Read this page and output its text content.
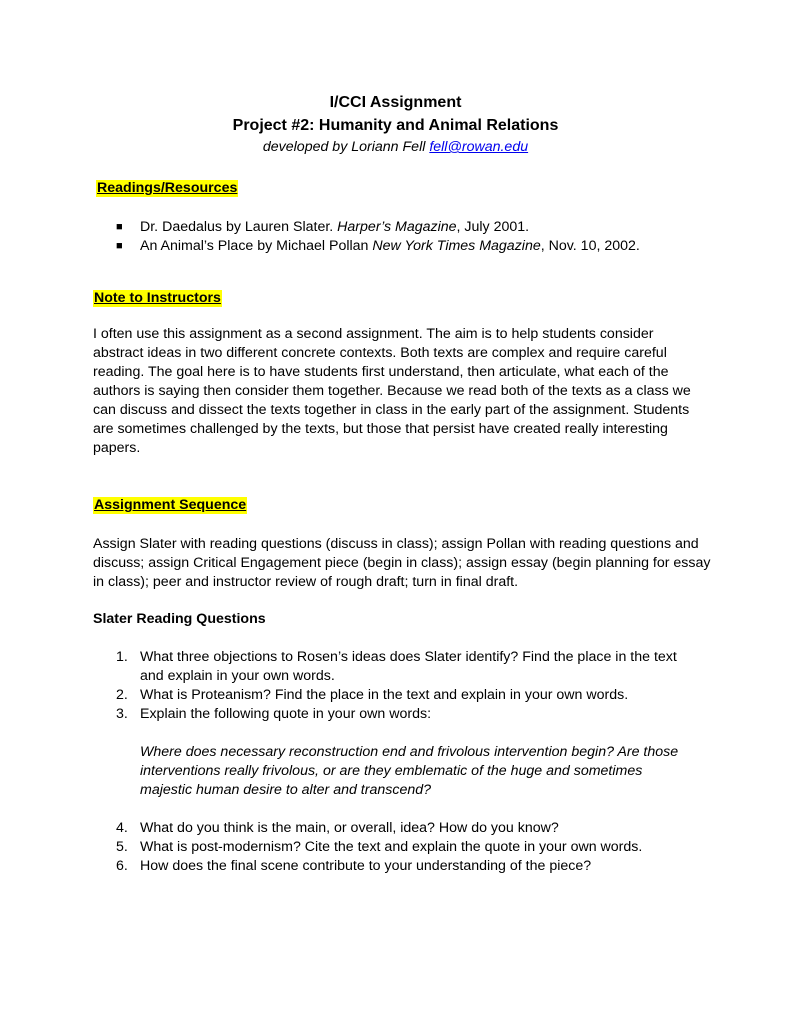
I/CCI Assignment
Project #2: Humanity and Animal Relations
developed by Loriann Fell fell@rowan.edu
Readings/Resources
■ Dr. Daedalus by Lauren Slater. Harper’s Magazine, July 2001.
■ An Animal’s Place by Michael Pollan New York Times Magazine, Nov. 10, 2002.
Note to Instructors
I often use this assignment as a second assignment. The aim is to help students consider
abstract ideas in two different concrete contexts. Both texts are complex and require careful
reading. The goal here is to have students first understand, then articulate, what each of the
authors is saying then consider them together. Because we read both of the texts as a class we
can discuss and dissect the texts together in class in the early part of the assignment. Students
are sometimes challenged by the texts, but those that persist have created really interesting
papers.
Assignment Sequence
Assign Slater with reading questions (discuss in class); assign Pollan with reading questions and
discuss; assign Critical Engagement piece (begin in class); assign essay (begin planning for essay
in class); peer and instructor review of rough draft; turn in final draft.
Slater Reading Questions
1. What three objections to Rosen’s ideas does Slater identify? Find the place in the text
and explain in your own words.
2. What is Proteanism? Find the place in the text and explain in your own words.
3. Explain the following quote in your own words:
Where does necessary reconstruction end and frivolous intervention begin? Are those
interventions really frivolous, or are they emblematic of the huge and sometimes
majestic human desire to alter and transcend?
4. What do you think is the main, or overall, idea? How do you know?
5. What is post-modernism? Cite the text and explain the quote in your own words.
6. How does the final scene contribute to your understanding of the piece?
